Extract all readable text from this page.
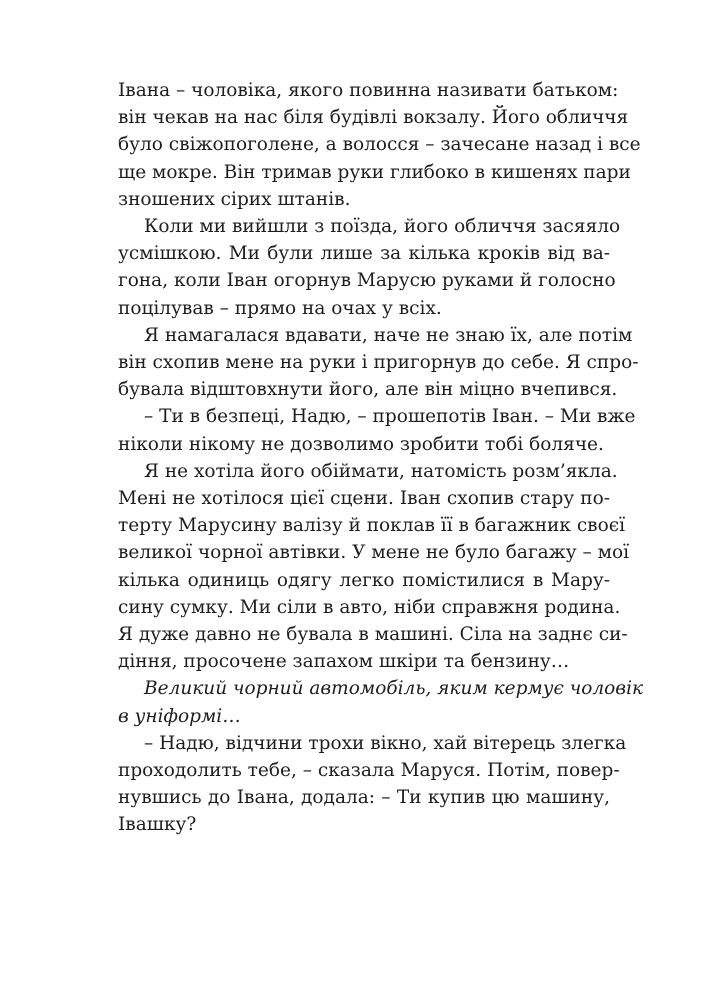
Івана – чоловіка, якого повинна називати батьком:

він чекав на нас біля будівлі вокзалу. Його обличчя

було свіжопоголене, а волосся – зачесане назад і все

ще мокре. Він тримав руки глибоко в кишенях пари

зношених сірих штанів.

Коли ми вийшли з поїзда, його обличчя засяяло

усмішкою. Ми були лише за кілька кроків від ва-

гона, коли Іван огорнув Марусю руками й голосно

поцілував – прямо на очах у всіх.

Я намагалася вдавати, наче не знаю їх, але потім

він схопив мене на руки і пригорнув до себе. Я спро-

бувала відштовхнути його, але він міцно вчепився.

– Ти в безпеці, Надю, – прошепотів Іван. – Ми вже

ніколи нікому не дозволимо зробити тобі боляче.

Я не хотіла його обіймати, натомість розм’якла.

Мені не хотілося цієї сцени. Іван схопив стару по-

терту Марусину валізу й поклав її в багажник своєї

великої чорної автівки. У мене не було багажу – мої

кілька одиниць одягу легко помістилися в Мару-

сину сумку. Ми сіли в авто, ніби справжня родина.

Я дуже давно не бувала в машині. Сіла на заднє си-

діння, просочене запахом шкіри та бензину…

Великий чорний автомобіль, яким кермує чоловік

в уніформі…

– Надю, відчини трохи вікно, хай вітерець злегка

проходолить тебе, – сказала Маруся. Потім, повер-

нувшись до Івана, додала: – Ти купив цю машину,

Івашку?
